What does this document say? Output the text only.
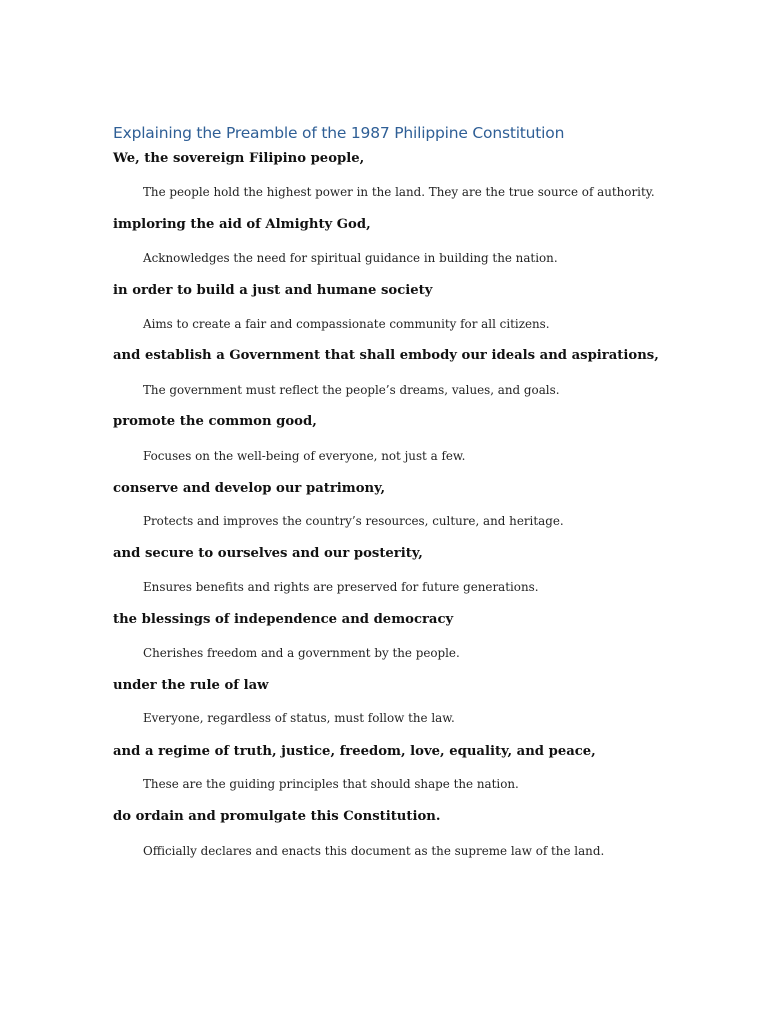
Explaining the Preamble of the 1987 Philippine Constitution
We, the sovereign Filipino people,
The people hold the highest power in the land. They are the true source of authority.
imploring the aid of Almighty God,
Acknowledges the need for spiritual guidance in building the nation.
in order to build a just and humane society
Aims to create a fair and compassionate community for all citizens.
and establish a Government that shall embody our ideals and aspirations,
The government must reflect the people’s dreams, values, and goals.
promote the common good,
Focuses on the well-being of everyone, not just a few.
conserve and develop our patrimony,
Protects and improves the country’s resources, culture, and heritage.
and secure to ourselves and our posterity,
Ensures benefits and rights are preserved for future generations.
the blessings of independence and democracy
Cherishes freedom and a government by the people.
under the rule of law
Everyone, regardless of status, must follow the law.
and a regime of truth, justice, freedom, love, equality, and peace,
These are the guiding principles that should shape the nation.
do ordain and promulgate this Constitution.
Officially declares and enacts this document as the supreme law of the land.
